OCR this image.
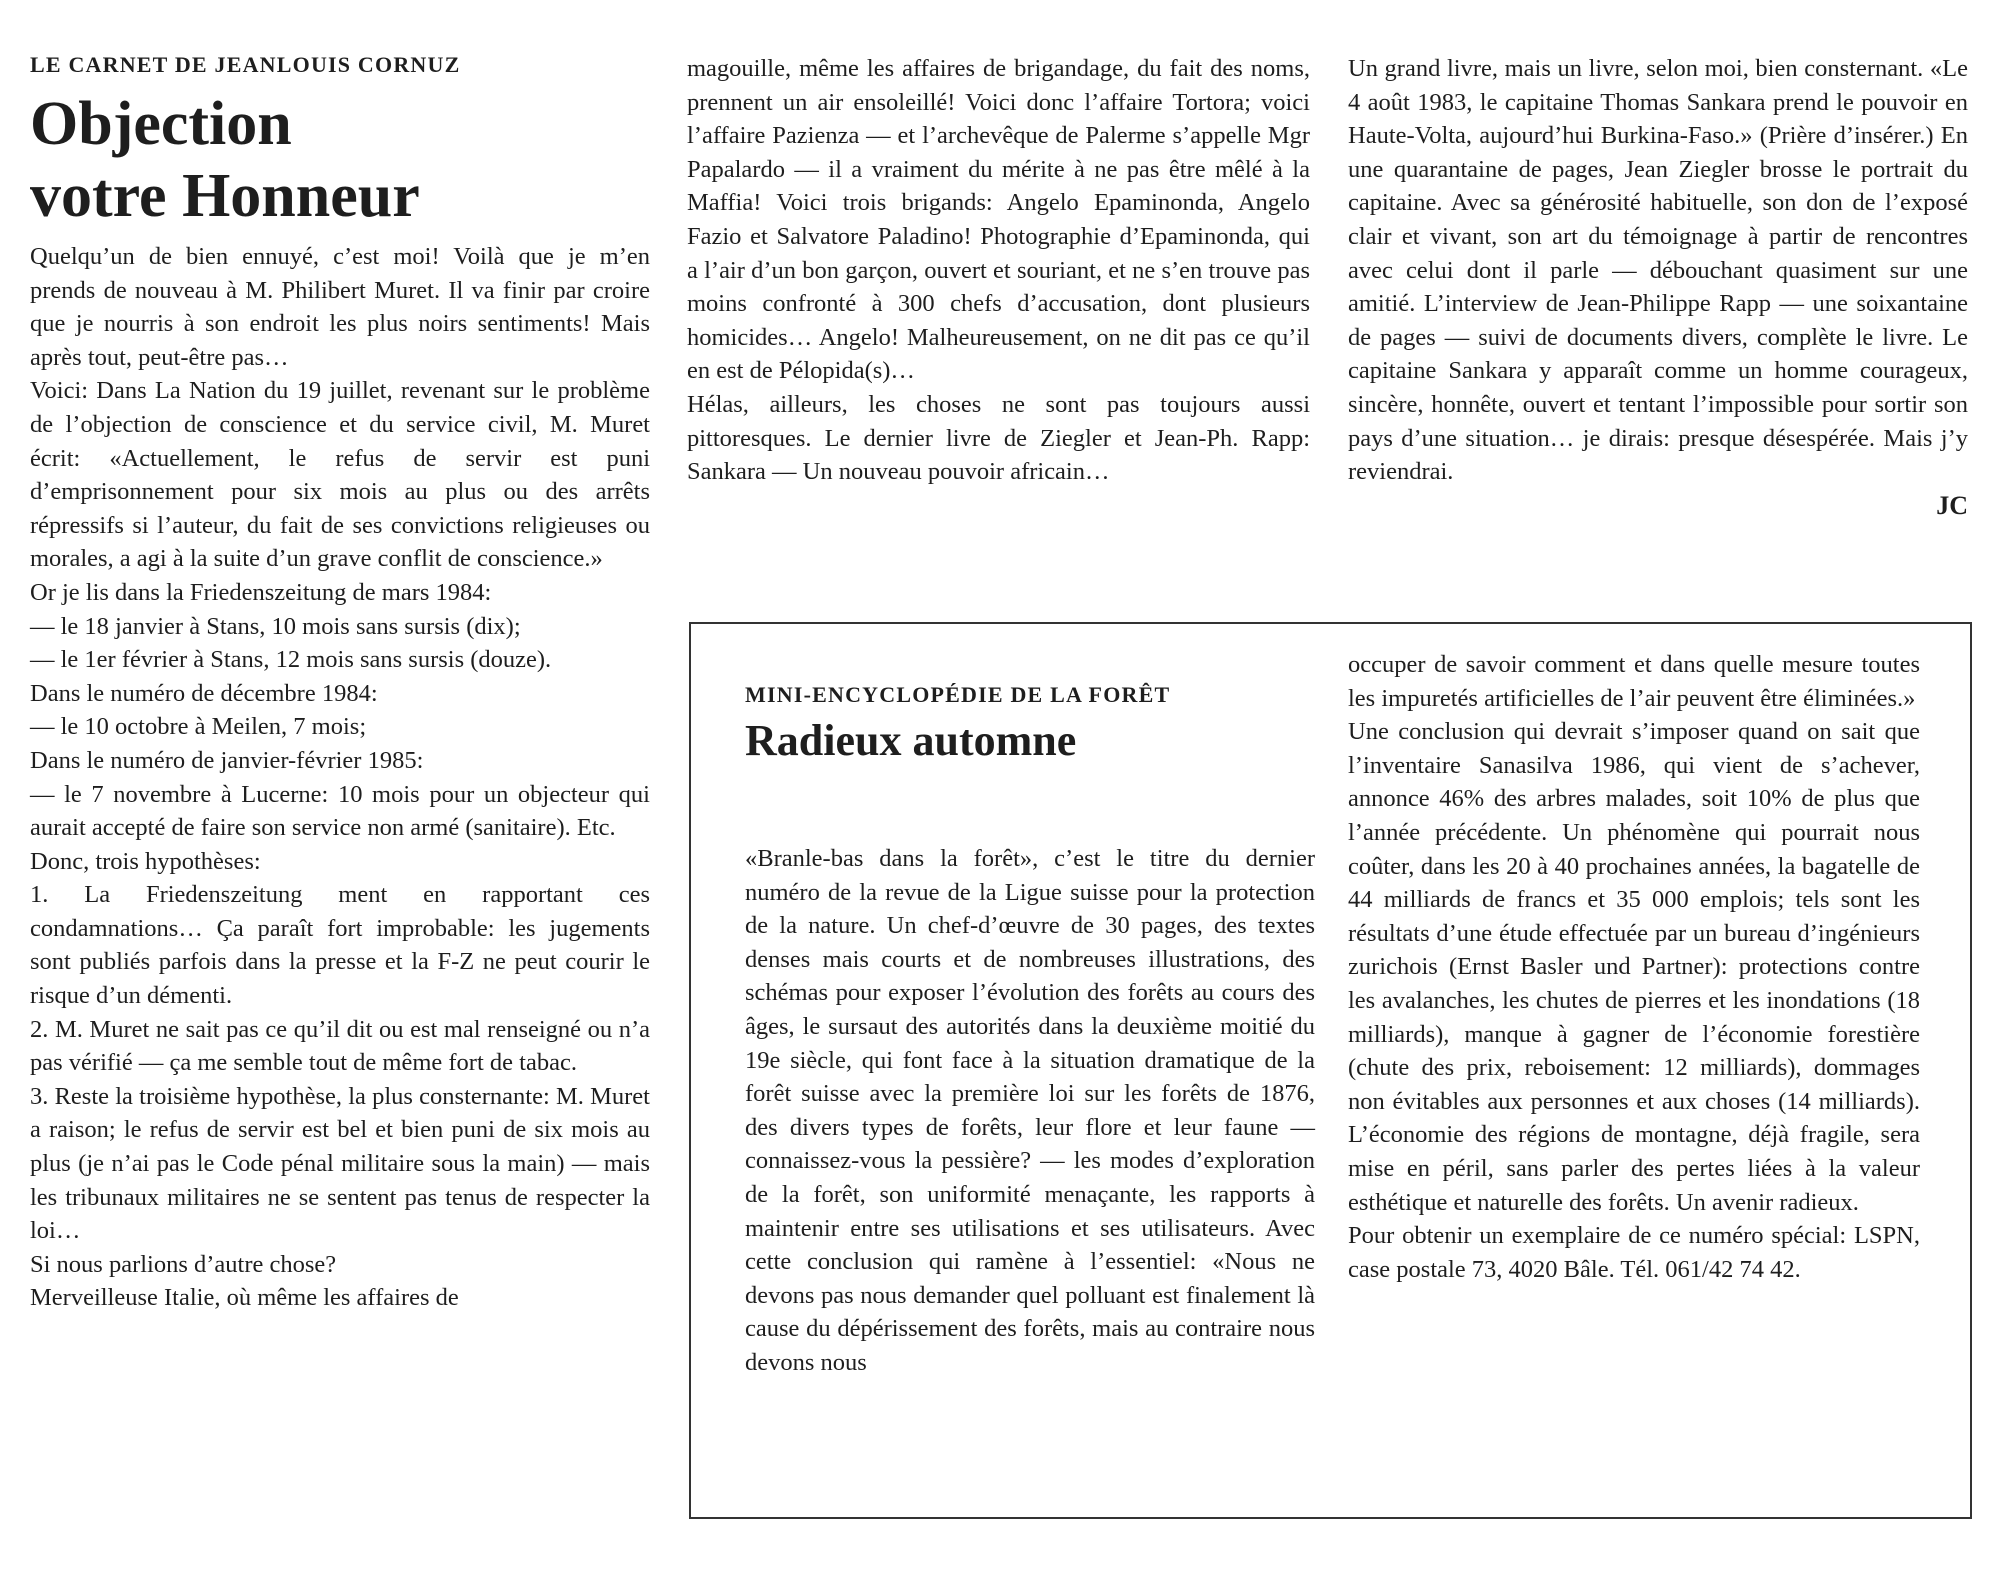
LE CARNET DE JEANLOUIS CORNUZ
Objection
votre Honneur

Quelqu’un de bien ennuyé, c’est moi! Voilà que je m’en prends de nouveau à M. Philibert Muret. Il va finir par croire que je nourris à son endroit les plus noirs sentiments! Mais après tout, peut-être pas…

Voici: Dans La Nation du 19 juillet, revenant sur le problème de l’objection de conscience et du service civil, M. Muret écrit: «Actuellement, le refus de servir est puni d’emprisonnement pour six mois au plus ou des arrêts répressifs si l’auteur, du fait de ses convictions religieuses ou morales, a agi à la suite d’un grave conflit de conscience.»

Or je lis dans la Friedenszeitung de mars 1984:

— le 18 janvier à Stans, 10 mois sans sursis (dix);

— le 1er février à Stans, 12 mois sans sursis (douze).

Dans le numéro de décembre 1984:

— le 10 octobre à Meilen, 7 mois;

Dans le numéro de janvier-février 1985:

— le 7 novembre à Lucerne: 10 mois pour un objecteur qui aurait accepté de faire son service non armé (sanitaire). Etc.

Donc, trois hypothèses:

1. La Friedenszeitung ment en rapportant ces condamnations… Ça paraît fort improbable: les jugements sont publiés parfois dans la presse et la F-Z ne peut courir le risque d’un démenti.

2. M. Muret ne sait pas ce qu’il dit ou est mal renseigné ou n’a pas vérifié — ça me semble tout de même fort de tabac.

3. Reste la troisième hypothèse, la plus consternante: M. Muret a raison; le refus de servir est bel et bien puni de six mois au plus (je n’ai pas le Code pénal militaire sous la main) — mais les tribunaux militaires ne se sentent pas tenus de respecter la loi…

Si nous parlions d’autre chose?

Merveilleuse Italie, où même les affaires de

magouille, même les affaires de brigandage, du fait des noms, prennent un air ensoleillé! Voici donc l’affaire Tortora; voici l’affaire Pazienza — et l’archevêque de Palerme s’appelle Mgr Papalardo — il a vraiment du mérite à ne pas être mêlé à la Maffia! Voici trois brigands: Angelo Epaminonda, Angelo Fazio et Salvatore Paladino! Photographie d’Epaminonda, qui a l’air d’un bon garçon, ouvert et souriant, et ne s’en trouve pas moins confronté à 300 chefs d’accusation, dont plusieurs homicides… Angelo! Malheureusement, on ne dit pas ce qu’il en est de Pélopida(s)…

Hélas, ailleurs, les choses ne sont pas toujours aussi pittoresques. Le dernier livre de Ziegler et Jean-Ph. Rapp: Sankara — Un nouveau pouvoir africain…

Un grand livre, mais un livre, selon moi, bien consternant. «Le 4 août 1983, le capitaine Thomas Sankara prend le pouvoir en Haute-Volta, aujourd’hui Burkina-Faso.» (Prière d’insérer.) En une quarantaine de pages, Jean Ziegler brosse le portrait du capitaine. Avec sa générosité habituelle, son don de l’exposé clair et vivant, son art du témoignage à partir de rencontres avec celui dont il parle — débouchant quasiment sur une amitié. L’interview de Jean-Philippe Rapp — une soixantaine de pages — suivi de documents divers, complète le livre. Le capitaine Sankara y apparaît comme un homme courageux, sincère, honnête, ouvert et tentant l’impossible pour sortir son pays d’une situation… je dirais: presque désespérée. Mais j’y reviendrai.

JC
MINI-ENCYCLOPÉDIE DE LA FORÊT
Radieux automne

«Branle-bas dans la forêt», c’est le titre du dernier numéro de la revue de la Ligue suisse pour la protection de la nature. Un chef-d’œuvre de 30 pages, des textes denses mais courts et de nombreuses illustrations, des schémas pour exposer l’évolution des forêts au cours des âges, le sursaut des autorités dans la deuxième moitié du 19e siècle, qui font face à la situation dramatique de la forêt suisse avec la première loi sur les forêts de 1876, des divers types de forêts, leur flore et leur faune — connaissez-vous la pessière? — les modes d’exploration de la forêt, son uniformité menaçante, les rapports à maintenir entre ses utilisations et ses utilisateurs. Avec cette conclusion qui ramène à l’essentiel: «Nous ne devons pas nous demander quel polluant est finalement là cause du dépérissement des forêts, mais au contraire nous devons nous

occuper de savoir comment et dans quelle mesure toutes les impuretés artificielles de l’air peuvent être éliminées.»

Une conclusion qui devrait s’imposer quand on sait que l’inventaire Sanasilva 1986, qui vient de s’achever, annonce 46% des arbres malades, soit 10% de plus que l’année précédente. Un phénomène qui pourrait nous coûter, dans les 20 à 40 prochaines années, la bagatelle de 44 milliards de francs et 35 000 emplois; tels sont les résultats d’une étude effectuée par un bureau d’ingénieurs zurichois (Ernst Basler und Partner): protections contre les avalanches, les chutes de pierres et les inondations (18 milliards), manque à gagner de l’économie forestière (chute des prix, reboisement: 12 milliards), dommages non évitables aux personnes et aux choses (14 milliards). L’économie des régions de montagne, déjà fragile, sera mise en péril, sans parler des pertes liées à la valeur esthétique et naturelle des forêts. Un avenir radieux.

Pour obtenir un exemplaire de ce numéro spécial: LSPN, case postale 73, 4020 Bâle. Tél. 061/42 74 42.
